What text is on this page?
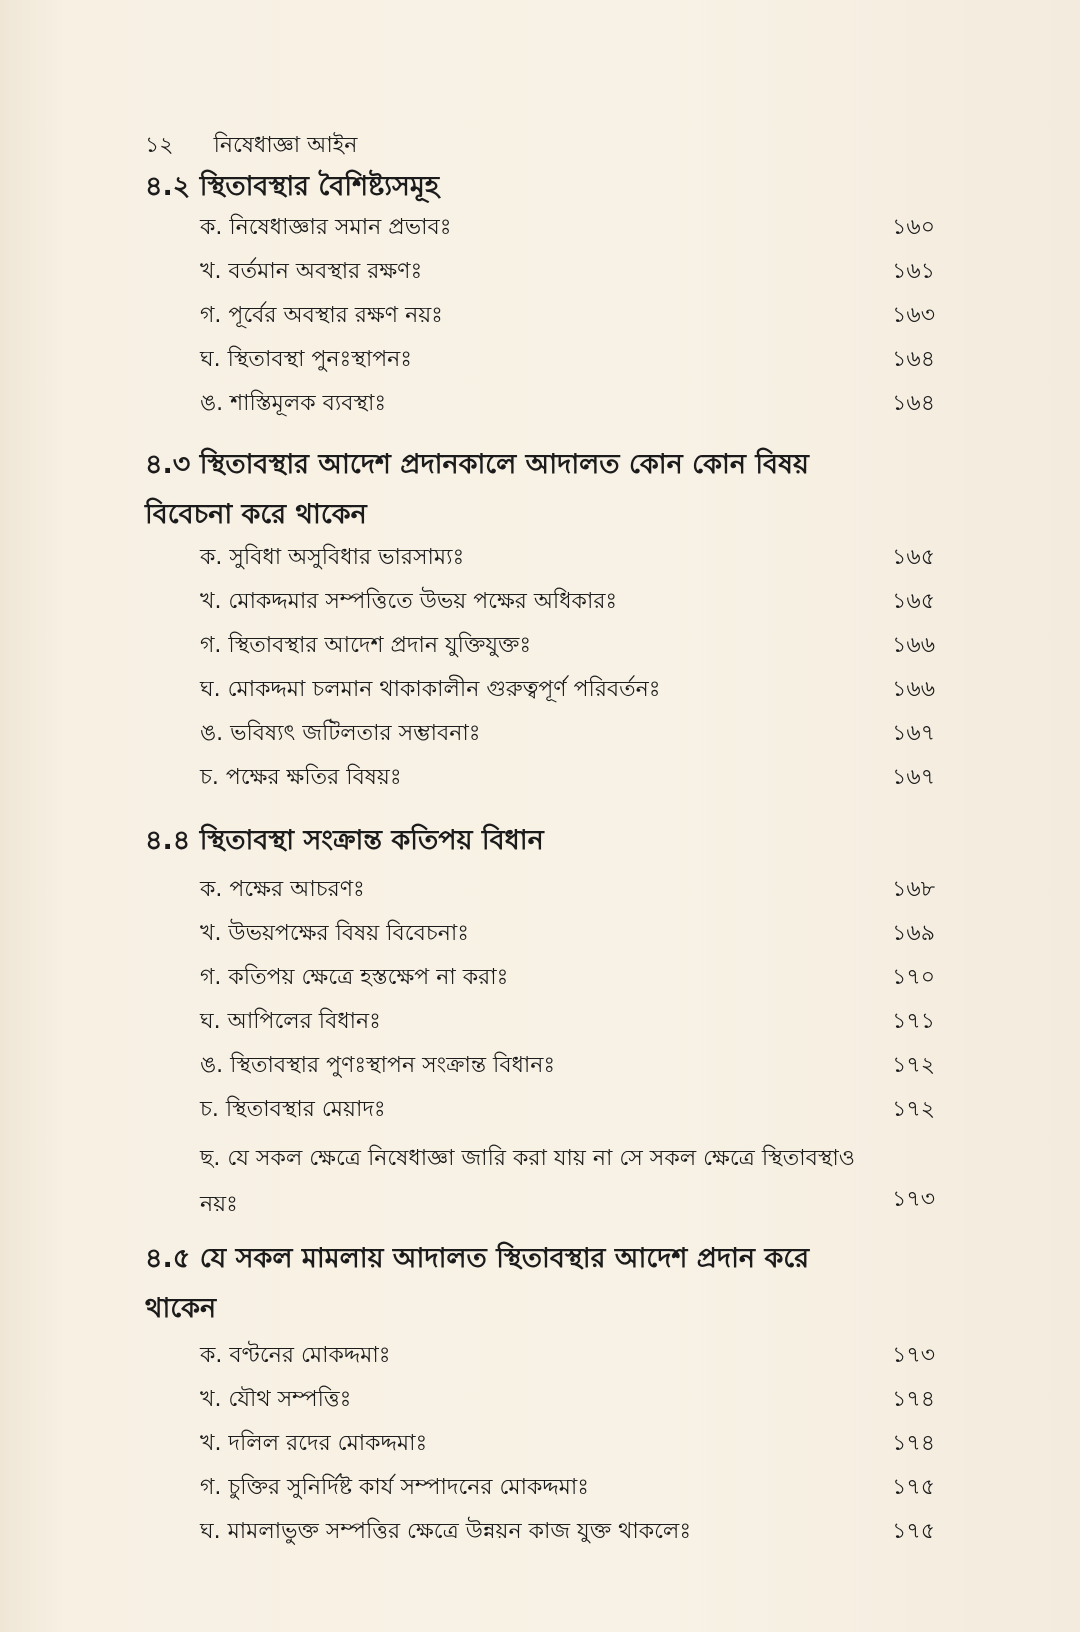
১২ নিষেধাজ্ঞা আইন
৪.২ স্থিতাবস্থার বৈশিষ্ট্যসমূহ
ক. নিষেধাজ্ঞার সমান প্রভাবঃ	১৬০
খ. বর্তমান অবস্থার রক্ষণঃ	১৬১
গ. পূর্বের অবস্থার রক্ষণ নয়ঃ	১৬৩
ঘ. স্থিতাবস্থা পুনঃস্থাপনঃ	১৬৪
ঙ. শাস্তিমূলক ব্যবস্থাঃ	১৬৪
৪.৩ স্থিতাবস্থার আদেশ প্রদানকালে আদালত কোন কোন বিষয় বিবেচনা করে থাকেন
ক. সুবিধা অসুবিধার ভারসাম্যঃ	১৬৫
খ. মোকদ্দমার সম্পত্তিতে উভয় পক্ষের অধিকারঃ	১৬৫
গ. স্থিতাবস্থার আদেশ প্রদান যুক্তিযুক্তঃ	১৬৬
ঘ. মোকদ্দমা চলমান থাকাকালীন গুরুত্বপূর্ণ পরিবর্তনঃ	১৬৬
ঙ. ভবিষ্যৎ জটিলতার সম্ভাবনাঃ	১৬৭
চ. পক্ষের ক্ষতির বিষয়ঃ	১৬৭
৪.৪ স্থিতাবস্থা সংক্রান্ত কতিপয় বিধান
ক. পক্ষের আচরণঃ	১৬৮
খ. উভয়পক্ষের বিষয় বিবেচনাঃ	১৬৯
গ. কতিপয় ক্ষেত্রে হস্তক্ষেপ না করাঃ	১৭০
ঘ. আপিলের বিধানঃ	১৭১
ঙ. স্থিতাবস্থার পুণঃস্থাপন সংক্রান্ত বিধানঃ	১৭২
চ. স্থিতাবস্থার মেয়াদঃ	১৭২
ছ. যে সকল ক্ষেত্রে নিষেধাজ্ঞা জারি করা যায় না সে সকল ক্ষেত্রে স্থিতাবস্থাও নয়ঃ	১৭৩
৪.৫ যে সকল মামলায় আদালত স্থিতাবস্থার আদেশ প্রদান করে থাকেন
ক. বণ্টনের মোকদ্দমাঃ	১৭৩
খ. যৌথ সম্পত্তিঃ	১৭৪
খ. দলিল রদের মোকদ্দমাঃ	১৭৪
গ. চুক্তির সুনির্দিষ্ট কার্য সম্পাদনের মোকদ্দমাঃ	১৭৫
ঘ. মামলাভুক্ত সম্পত্তির ক্ষেত্রে উন্নয়ন কাজ যুক্ত থাকলেঃ	১৭৫
